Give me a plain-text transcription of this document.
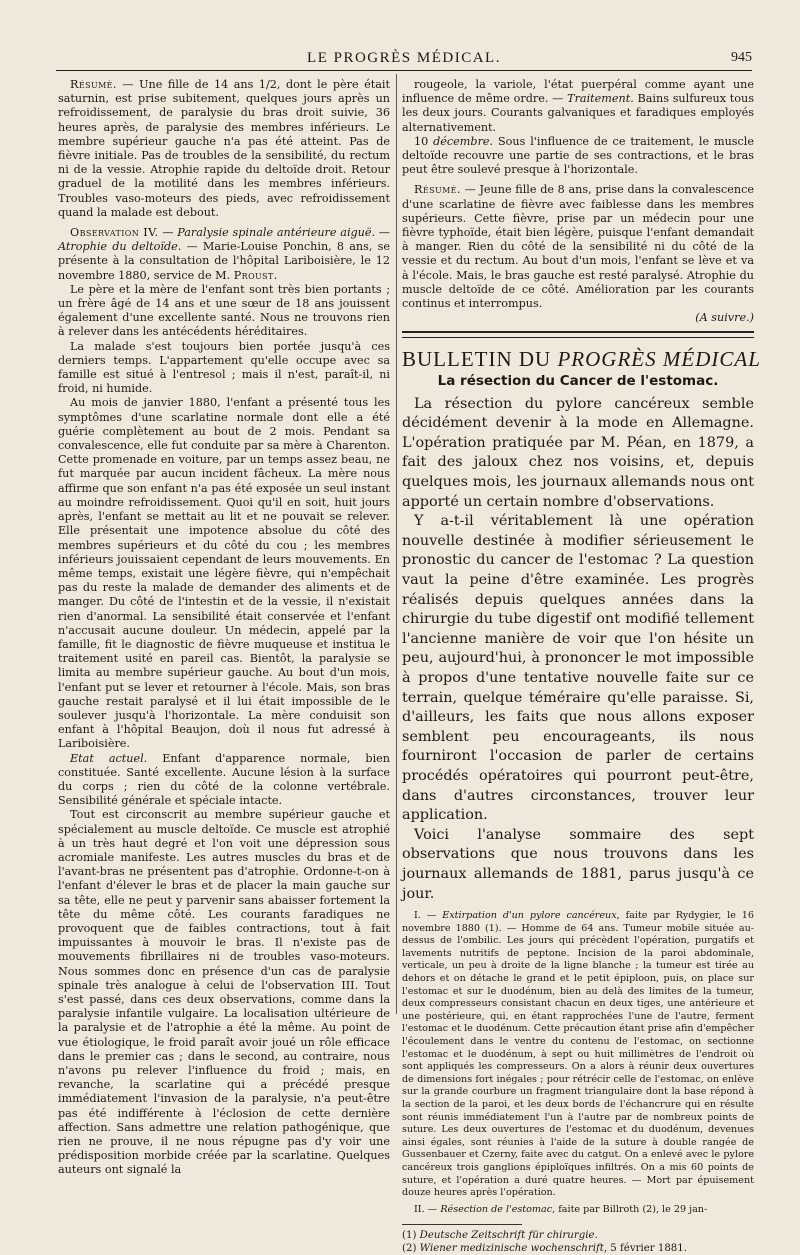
LE PROGRÈS MÉDICAL.	945

Résumé. — Une fille de 14 ans 1/2, dont le père était saturnin, est prise subitement, quelques jours après un refroidissement, de paralysie du bras droit suivie, 36 heures après, de paralysie des membres inférieurs. Le membre supérieur gauche n'a pas été atteint. Pas de fièvre initiale. Pas de troubles de la sensibilité, du rectum ni de la vessie. Atrophie rapide du deltoïde droit. Retour graduel de la motilité dans les membres inférieurs. Troubles vaso-moteurs des pieds, avec refroidissement quand la malade est debout.

Observation IV. — Paralysie spinale antérieure aiguë. — Atrophie du deltoïde. — Marie-Louise Ponchin, 8 ans, se présente à la consultation de l'hôpital Lariboisière, le 12 novembre 1880, service de M. Proust.

Le père et la mère de l'enfant sont très bien portants ; un frère âgé de 14 ans et une sœur de 18 ans jouissent également d'une excellente santé. Nous ne trouvons rien à relever dans les antécédents héréditaires.

La malade s'est toujours bien portée jusqu'à ces derniers temps. L'appartement qu'elle occupe avec sa famille est situé à l'entresol ; mais il n'est, paraît-il, ni froid, ni humide.

Au mois de janvier 1880, l'enfant a présenté tous les symptômes d'une scarlatine normale dont elle a été guérie complètement au bout de 2 mois. Pendant sa convalescence, elle fut conduite par sa mère à Charenton. Cette promenade en voiture, par un temps assez beau, ne fut marquée par aucun incident fâcheux. La mère nous affirme que son enfant n'a pas été exposée un seul instant au moindre refroidissement. Quoi qu'il en soit, huit jours après, l'enfant se mettait au lit et ne pouvait se relever. Elle présentait une impotence absolue du côté des membres supérieurs et du côté du cou ; les membres inférieurs jouissaient cependant de leurs mouvements. En même temps, existait une légère fièvre, qui n'empêchait pas du reste la malade de demander des aliments et de manger. Du côté de l'intestin et de la vessie, il n'existait rien d'anormal. La sensibilité était conservée et l'enfant n'accusait aucune douleur. Un médecin, appelé par la famille, fit le diagnostic de fièvre muqueuse et institua le traitement usité en pareil cas. Bientôt, la paralysie se limita au membre supérieur gauche. Au bout d'un mois, l'enfant put se lever et retourner à l'école. Mais, son bras gauche restait paralysé et il lui était impossible de le soulever jusqu'à l'horizontale. La mère conduisit son enfant à l'hôpital Beaujon, doù il nous fut adressé à Lariboisière.

Etat actuel. Enfant d'apparence normale, bien constituée. Santé excellente. Aucune lésion à la surface du corps ; rien du côté de la colonne vertébrale. Sensibilité générale et spéciale intacte.

Tout est circonscrit au membre supérieur gauche et spécialement au muscle deltoïde. Ce muscle est atrophié à un très haut degré et l'on voit une dépression sous acromiale manifeste. Les autres muscles du bras et de l'avant-bras ne présentent pas d'atrophie. Ordonne-t-on à l'enfant d'élever le bras et de placer la main gauche sur sa tête, elle ne peut y parvenir sans abaisser fortement la tête du même côté. Les courants faradiques ne provoquent que de faibles contractions, tout à fait impuissantes à mouvoir le bras. Il n'existe pas de mouvements fibrillaires ni de troubles vaso-moteurs. Nous sommes donc en présence d'un cas de paralysie spinale très analogue à celui de l'observation III. Tout s'est passé, dans ces deux observations, comme dans la paralysie infantile vulgaire. La localisation ultérieure de la paralysie et de l'atrophie a été la même. Au point de vue étiologique, le froid paraît avoir joué un rôle efficace dans le premier cas ; dans le second, au contraire, nous n'avons pu relever l'influence du froid ; mais, en revanche, la scarlatine qui a précédé presque immédiatement l'invasion de la paralysie, n'a peut-être pas été indifférente à l'éclosion de cette dernière affection. Sans admettre une relation pathogénique, que rien ne prouve, il ne nous répugne pas d'y voir une prédisposition morbide créée par la scarlatine. Quelques auteurs ont signalé la

rougeole, la variole, l'état puerpéral comme ayant une influence de même ordre. — Traitement. Bains sulfureux tous les deux jours. Courants galvaniques et faradiques employés alternativement.

10 décembre. Sous l'influence de ce traitement, le muscle deltoïde recouvre une partie de ses contractions, et le bras peut être soulevé presque à l'horizontale.

Résumé. — Jeune fille de 8 ans, prise dans la convalescence d'une scarlatine de fièvre avec faiblesse dans les membres supérieurs. Cette fièvre, prise par un médecin pour une fièvre typhoïde, était bien légère, puisque l'enfant demandait à manger. Rien du côté de la sensibilité ni du côté de la vessie et du rectum. Au bout d'un mois, l'enfant se lève et va à l'école. Mais, le bras gauche est resté paralysé. Atrophie du muscle deltoïde de ce côté. Amélioration par les courants continus et interrompus.

(A suivre.)

BULLETIN DU PROGRÈS MÉDICAL
La résection du Cancer de l'estomac.

La résection du pylore cancéreux semble décidément devenir à la mode en Allemagne. L'opération pratiquée par M. Péan, en 1879, a fait des jaloux chez nos voisins, et, depuis quelques mois, les journaux allemands nous ont apporté un certain nombre d'observations.

Y a-t-il véritablement là une opération nouvelle destinée à modifier sérieusement le pronostic du cancer de l'estomac ? La question vaut la peine d'être examinée. Les progrès réalisés depuis quelques années dans la chirurgie du tube digestif ont modifié tellement l'ancienne manière de voir que l'on hésite un peu, aujourd'hui, à prononcer le mot impossible à propos d'une tentative nouvelle faite sur ce terrain, quelque téméraire qu'elle paraisse. Si, d'ailleurs, les faits que nous allons exposer semblent peu encourageants, ils nous fourniront l'occasion de parler de certains procédés opératoires qui pourront peut-être, dans d'autres circonstances, trouver leur application.

Voici l'analyse sommaire des sept observations que nous trouvons dans les journaux allemands de 1881, parus jusqu'à ce jour.

I. — Extirpation d'un pylore cancéreux, faite par Rydygier, le 16 novembre 1880 (1). — Homme de 64 ans. Tumeur mobile située au-dessus de l'ombilic. Les jours qui précèdent l'opération, purgatifs et lavements nutritifs de peptone. Incision de la paroi abdominale, verticale, un peu à droite de la ligne blanche ; la tumeur est tirée au dehors et on détache le grand et le petit épiploon, puis, on place sur l'estomac et sur le duodénum, bien au delà des limites de la tumeur, deux compresseurs consistant chacun en deux tiges, une antérieure et une postérieure, qui, en étant rapprochées l'une de l'autre, ferment l'estomac et le duodénum. Cette précaution étant prise afin d'empêcher l'écoulement dans le ventre du contenu de l'estomac, on sectionne l'estomac et le duodénum, à sept ou huit millimètres de l'endroit où sont appliqués les compresseurs. On a alors à réunir deux ouvertures de dimensions fort inégales ; pour rétrécir celle de l'estomac, on enlève sur la grande courbure un fragment triangulaire dont la base répond à la section de la paroi, et les deux bords de l'échancrure qui en résulte sont réunis immédiatement l'un à l'autre par de nombreux points de suture. Les deux ouvertures de l'estomac et du duodénum, devenues ainsi égales, sont réunies à l'aide de la suture à double rangée de Gussenbauer et Czerny, faite avec du catgut. On a enlevé avec le pylore cancéreux trois ganglions épiploïques infiltrés. On a mis 60 points de suture, et l'opération a duré quatre heures. — Mort par épuisement douze heures après l'opération.

II. — Résection de l'estomac, faite par Billroth (2), le 29 jan-

(1) Deutsche Zeitschrift für chirurgie.

(2) Wiener medizinische wochenschrift, 5 février 1881.
